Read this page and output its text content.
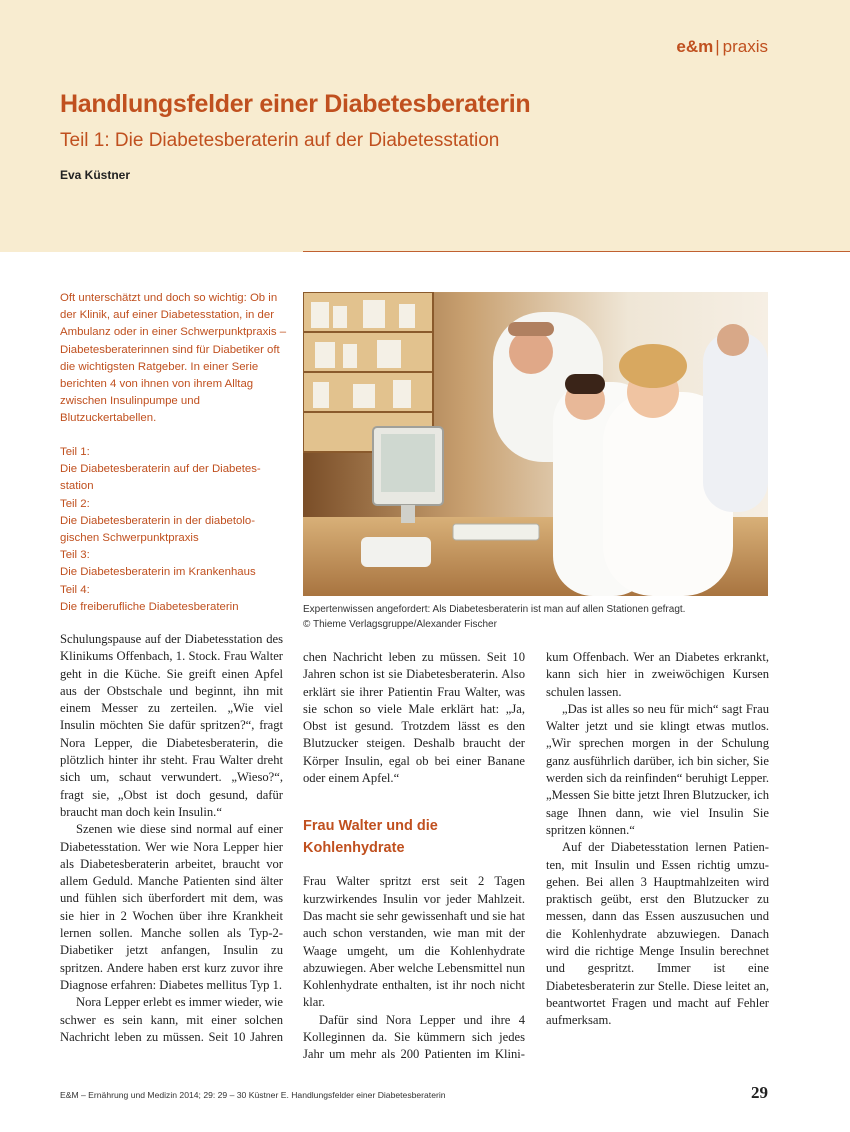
e&m | praxis
Handlungsfelder einer Diabetesberaterin
Teil 1: Die Diabetesberaterin auf der Diabetesstation
Eva Küstner

Oft unterschätzt und doch so wichtig: Ob in der Klinik, auf einer Diabetesstation, in der Ambulanz oder in einer Schwerpunktpraxis – Diabetesberaterinnen sind für Diabetiker oft die wichtigsten Ratgeber. In einer Serie berichten 4 von ihnen von ihrem Alltag zwischen Insulinpumpe und Blutzuckertabellen.

Teil 1:
Die Diabetesberaterin auf der Diabetesstation
Teil 2:
Die Diabetesberaterin in der diabetologischen Schwerpunktpraxis
Teil 3:
Die Diabetesberaterin im Krankenhaus
Teil 4:
Die freiberufliche Diabetesberaterin	Expertenwissen angefordert: Als Diabetesberaterin ist man auf allen Stationen gefragt.
© Thieme Verlagsgruppe/Alexander Fischer

Schulungspause auf der Diabetesstation des Klinikums Offenbach, 1. Stock. Frau Walter geht in die Küche. Sie greift einen Apfel aus der Obstschale und beginnt, ihn mit einem Messer zu zerteilen. „Wie viel Insulin möchten Sie dafür spritzen?“, fragt Nora Lepper, die Diabetesberaterin, die plötzlich hinter ihr steht. Frau Walter dreht sich um, schaut verwundert. „Wieso?“, fragt sie, „Obst ist doch gesund, dafür braucht man doch kein Insulin.“

Szenen wie diese sind normal auf einer Diabetesstation. Wer wie Nora Lepper hier als Diabetesberaterin arbeitet, braucht vor allem Geduld. Manche Patienten sind älter und fühlen sich überfordert mit dem, was sie hier in 2 Wochen über ihre Krankheit lernen sollen. Manche sollen als Typ-2-Diabetiker jetzt anfangen, Insulin zu spritzen. Andere haben erst kurz zuvor ihre Diagnose erfahren: Diabetes mellitus Typ 1.

Nora Lepper erlebt es immer wieder, wie schwer es sein kann, mit einer solchen Nachricht leben zu müssen. Seit 10 Jahren

chen Nachricht leben zu müssen. Seit 10 Jahren schon ist sie Diabetesberaterin. Also erklärt sie ihrer Patientin Frau Walter, was sie schon so viele Male erklärt hat: „Ja, Obst ist gesund. Trotzdem lässt es den Blutzucker steigen. Deshalb braucht der Körper Insulin, egal ob bei einer Banane oder einem Apfel.“

Frau Walter und die Kohlenhydrate

Frau Walter spritzt erst seit 2 Tagen kurzwirkendes Insulin vor jeder Mahlzeit. Das macht sie sehr gewissenhaft und sie hat auch schon verstanden, wie man mit der Waage umgeht, um die Kohlenhydrate abzuwiegen. Aber welche Lebensmittel nun Kohlenhydrate enthalten, ist ihr noch nicht klar.

Dafür sind Nora Lepper und ihre 4 Kolleginnen da. Sie kümmern sich jedes Jahr um mehr als 200 Patienten im Klini

kum Offenbach. Wer an Diabetes erkrankt, kann sich hier in zweiwöchigen Kursen schulen lassen.

„Das ist alles so neu für mich“ sagt Frau Walter jetzt und sie klingt etwas mutlos. „Wir sprechen morgen in der Schulung ganz ausführlich darüber, ich bin sicher, Sie werden sich da reinfinden“ beruhigt Lepper. „Messen Sie bitte jetzt Ihren Blutzucker, ich sage Ihnen dann, wie viel Insulin Sie spritzen können.“

Auf der Diabetesstation lernen Patienten, mit Insulin und Essen richtig umzugehen. Bei allen 3 Hauptmahlzeiten wird praktisch geübt, erst den Blutzucker zu messen, dann das Essen auszusuchen und die Kohlenhydrate abzuwiegen. Danach wird die richtige Menge Insulin berechnet und gespritzt. Immer ist eine Diabetesberaterin zur Stelle. Diese leitet an, beantwortet Fragen und macht auf Fehler aufmerksam.

E&M – Ernährung und Medizin 2014; 29: 29 – 30 Küstner E. Handlungsfelder einer Diabetesberaterin	29
